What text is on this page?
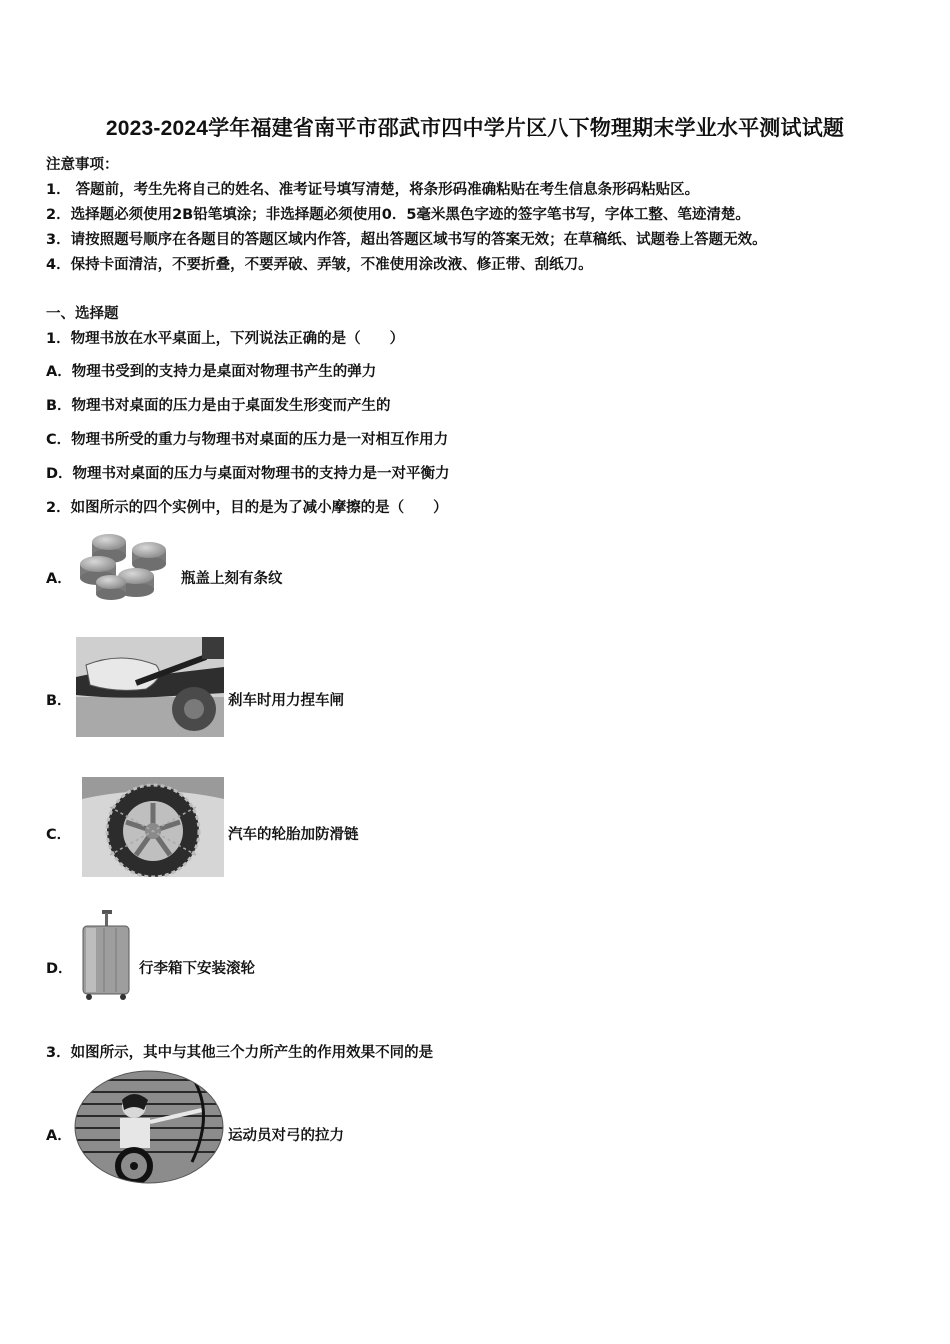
2023-2024学年福建省南平市邵武市四中学片区八下物理期末学业水平测试试题
注意事项：
1． 答题前，考生先将自己的姓名、准考证号填写清楚，将条形码准确粘贴在考生信息条形码粘贴区。
2．选择题必须使用2B铅笔填涂；非选择题必须使用0．5毫米黑色字迹的签字笔书写，字体工整、笔迹清楚。
3．请按照题号顺序在各题目的答题区域内作答，超出答题区域书写的答案无效；在草稿纸、试题卷上答题无效。
4．保持卡面清洁，不要折叠，不要弄破、弄皱，不准使用涂改液、修正带、刮纸刀。
一、选择题
1．物理书放在水平桌面上，下列说法正确的是（　　）
A．物理书受到的支持力是桌面对物理书产生的弹力
B．物理书对桌面的压力是由于桌面发生形变而产生的
C．物理书所受的重力与物理书对桌面的压力是一对相互作用力
D．物理书对桌面的压力与桌面对物理书的支持力是一对平衡力
2．如图所示的四个实例中，目的是为了减小摩擦的是（　　）
A．	瓶盖上刻有条纹
B．	刹车时用力捏车闸
C．	汽车的轮胎加防滑链
D．	行李箱下安装滚轮
3．如图所示，其中与其他三个力所产生的作用效果不同的是
A．	运动员对弓的拉力
